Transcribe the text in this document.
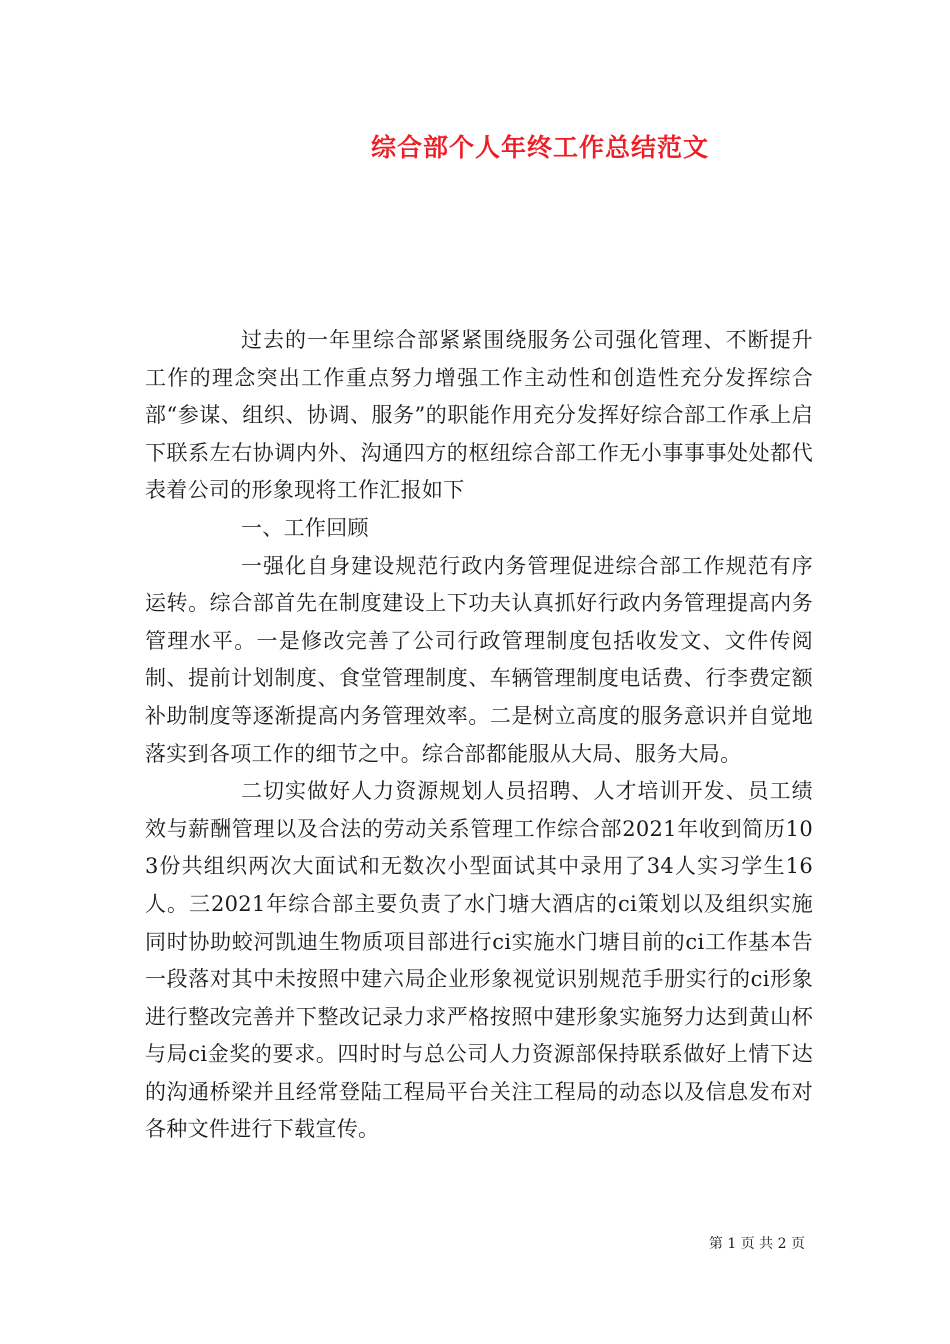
综合部个人年终工作总结范文

过去的一年里综合部紧紧围绕服务公司强化管理、不断提升工作的理念突出工作重点努力增强工作主动性和创造性充分发挥综合部“参谋、组织、协调、服务”的职能作用充分发挥好综合部工作承上启下联系左右协调内外、沟通四方的枢纽综合部工作无小事事事处处都代表着公司的形象现将工作汇报如下

一、工作回顾

一强化自身建设规范行政内务管理促进综合部工作规范有序运转。综合部首先在制度建设上下功夫认真抓好行政内务管理提高内务管理水平。一是修改完善了公司行政管理制度包括收发文、文件传阅制、提前计划制度、食堂管理制度、车辆管理制度电话费、行李费定额补助制度等逐渐提高内务管理效率。二是树立高度的服务意识并自觉地落实到各项工作的细节之中。综合部都能服从大局、服务大局。

二切实做好人力资源规划人员招聘、人才培训开发、员工绩效与薪酬管理以及合法的劳动关系管理工作综合部2021年收到简历103份共组织两次大面试和无数次小型面试其中录用了34人实习学生16人。三2021年综合部主要负责了水门塘大酒店的ci策划以及组织实施同时协助蛟河凯迪生物质项目部进行ci实施水门塘目前的ci工作基本告一段落对其中未按照中建六局企业形象视觉识别规范手册实行的ci形象进行整改完善并下整改记录力求严格按照中建形象实施努力达到黄山杯与局ci金奖的要求。四时时与总公司人力资源部保持联系做好上情下达的沟通桥梁并且经常登陆工程局平台关注工程局的动态以及信息发布对各种文件进行下载宣传。

第 1 页 共 2 页
